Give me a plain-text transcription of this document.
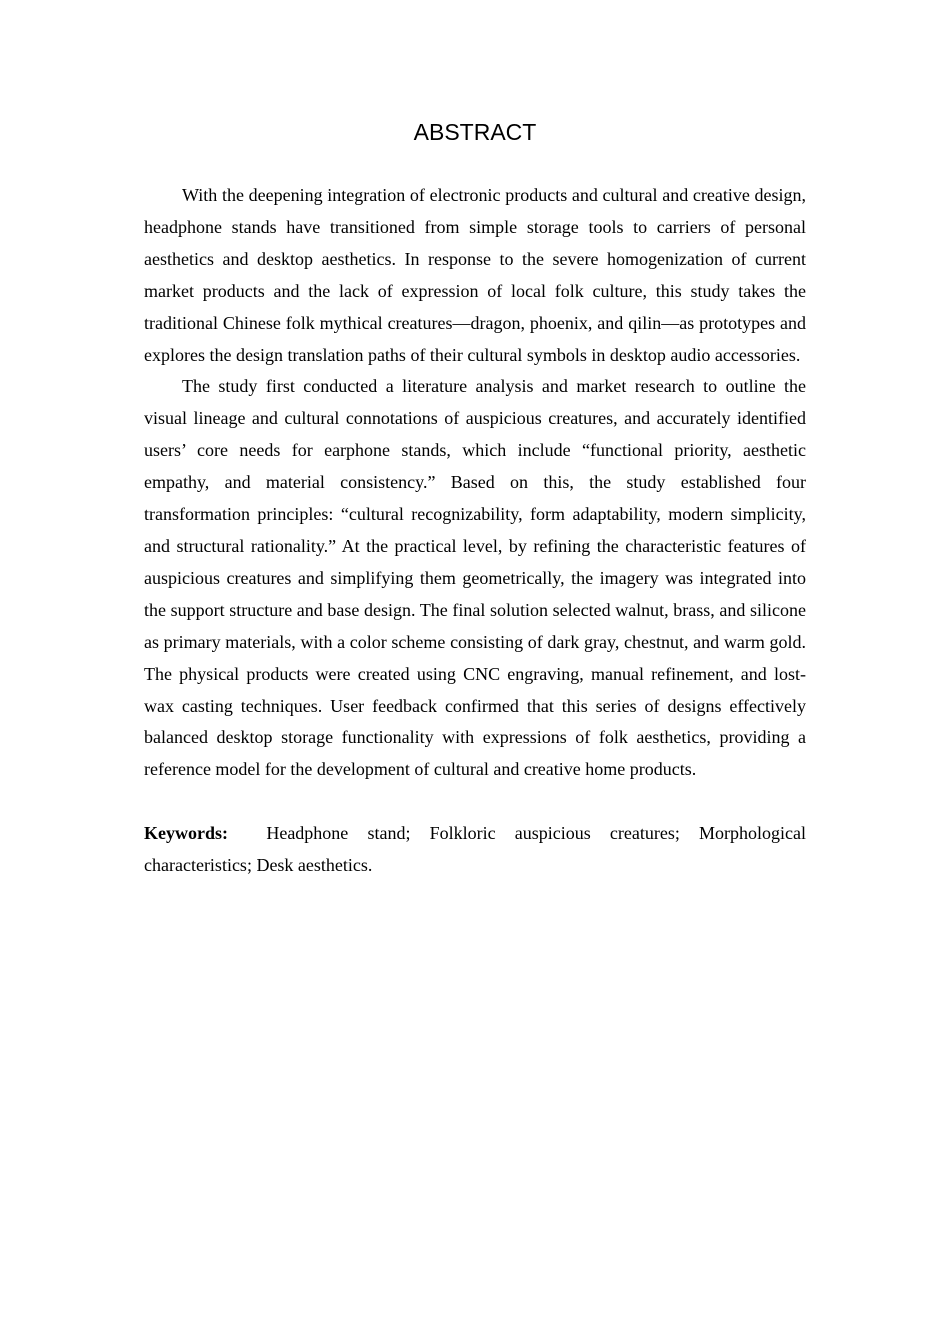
ABSTRACT

With the deepening integration of electronic products and cultural and creative design, headphone stands have transitioned from simple storage tools to carriers of personal aesthetics and desktop aesthetics. In response to the severe homogenization of current market products and the lack of expression of local folk culture, this study takes the traditional Chinese folk mythical creatures—dragon, phoenix, and qilin—as prototypes and explores the design translation paths of their cultural symbols in desktop audio accessories.

The study first conducted a literature analysis and market research to outline the visual lineage and cultural connotations of auspicious creatures, and accurately identified users’ core needs for earphone stands, which include “functional priority, aesthetic empathy, and material consistency.” Based on this, the study established four transformation principles: “cultural recognizability, form adaptability, modern simplicity, and structural rationality.” At the practical level, by refining the characteristic features of auspicious creatures and simplifying them geometrically, the imagery was integrated into the support structure and base design. The final solution selected walnut, brass, and silicone as primary materials, with a color scheme consisting of dark gray, chestnut, and warm gold. The physical products were created using CNC engraving, manual refinement, and lost-wax casting techniques. User feedback confirmed that this series of designs effectively balanced desktop storage functionality with expressions of folk aesthetics, providing a reference model for the development of cultural and creative home products.

Keywords: Headphone stand; Folkloric auspicious creatures; Morphological characteristics; Desk aesthetics.
